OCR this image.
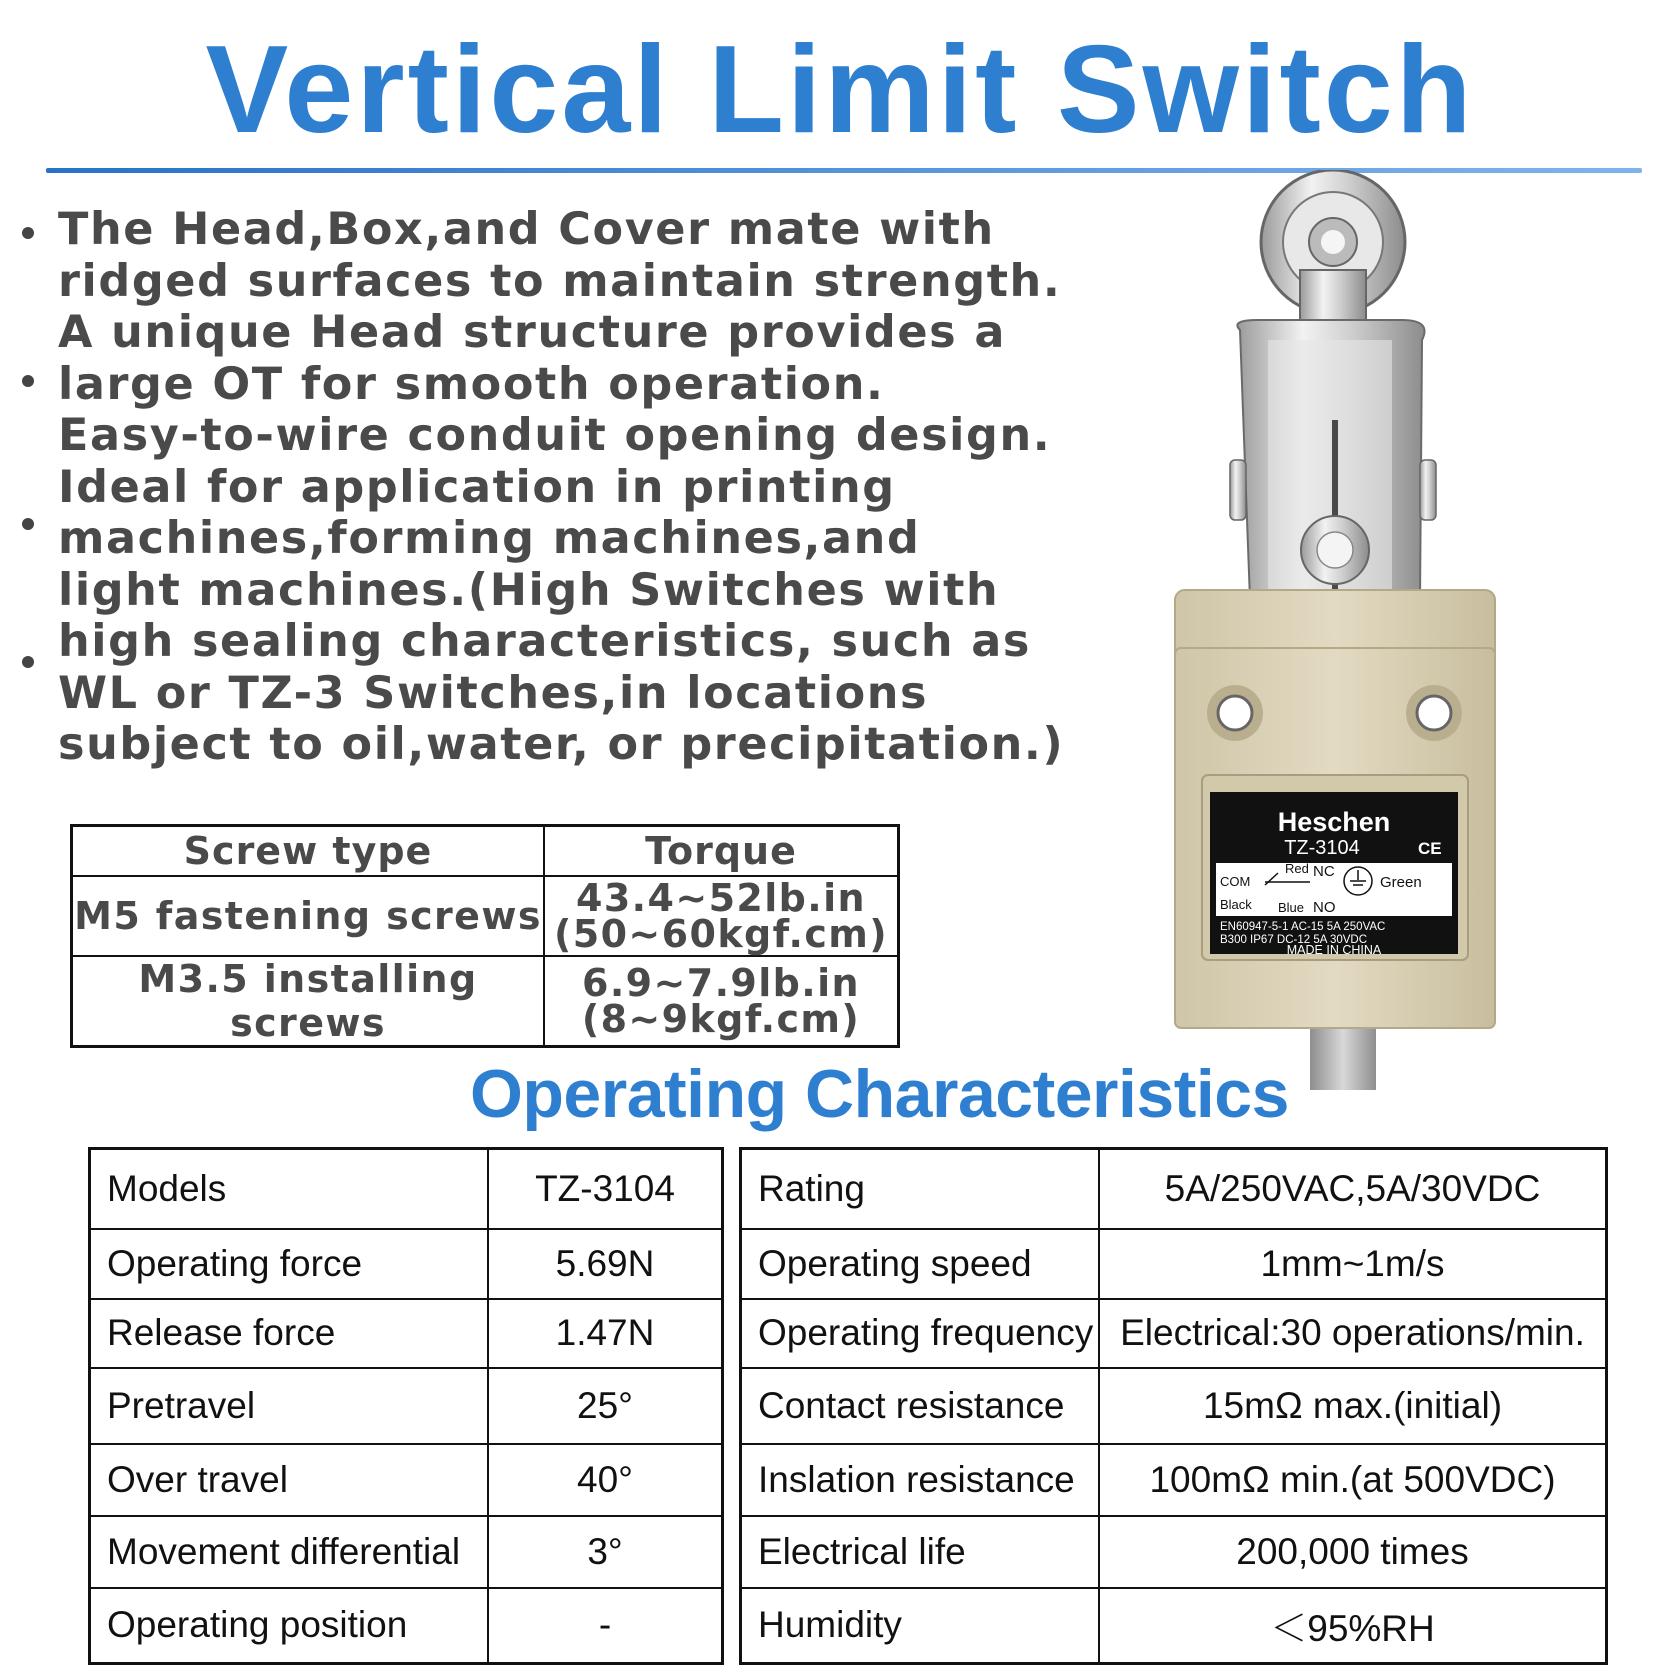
Vertical Limit Switch
The Head,Box,and Cover mate with
ridged surfaces to maintain strength.
A unique Head structure provides a
large OT for smooth operation.
Easy-to-wire conduit opening design.
Ideal for application in printing
machines,forming machines,and
light machines.(High Switches with
high sealing characteristics, such as
WL or TZ-3 Switches,in locations
subject to oil,water, or precipitation.)
Screw type	Torque
M5 fastening screws	43.4~52lb.in
(50~60kgf.cm)

M3.5 installing screws	6.9~7.9lb.in
(8~9kgf.cm)
Operating Characteristics
Models	TZ-3104
Operating force	5.69N
Release force	1.47N
Pretravel	25°
Over travel	40°
Movement differential	3°
Operating position	-
Rating	5A/250VAC,5A/30VDC
Operating speed	1mm~1m/s
Operating frequency	Electrical:30 operations/min.
Contact resistance	15mΩ max.(initial)
Inslation resistance	100mΩ min.(at 500VDC)
Electrical life	200,000 times
Humidity	＜95%RH
Heschen
TZ-3104	CE
COM
Red NC
Green
Black Blue NO
EN60947-5-1 AC-15 5A 250VAC
B300 IP67 DC-12 5A 30VDC
MADE IN CHINA
